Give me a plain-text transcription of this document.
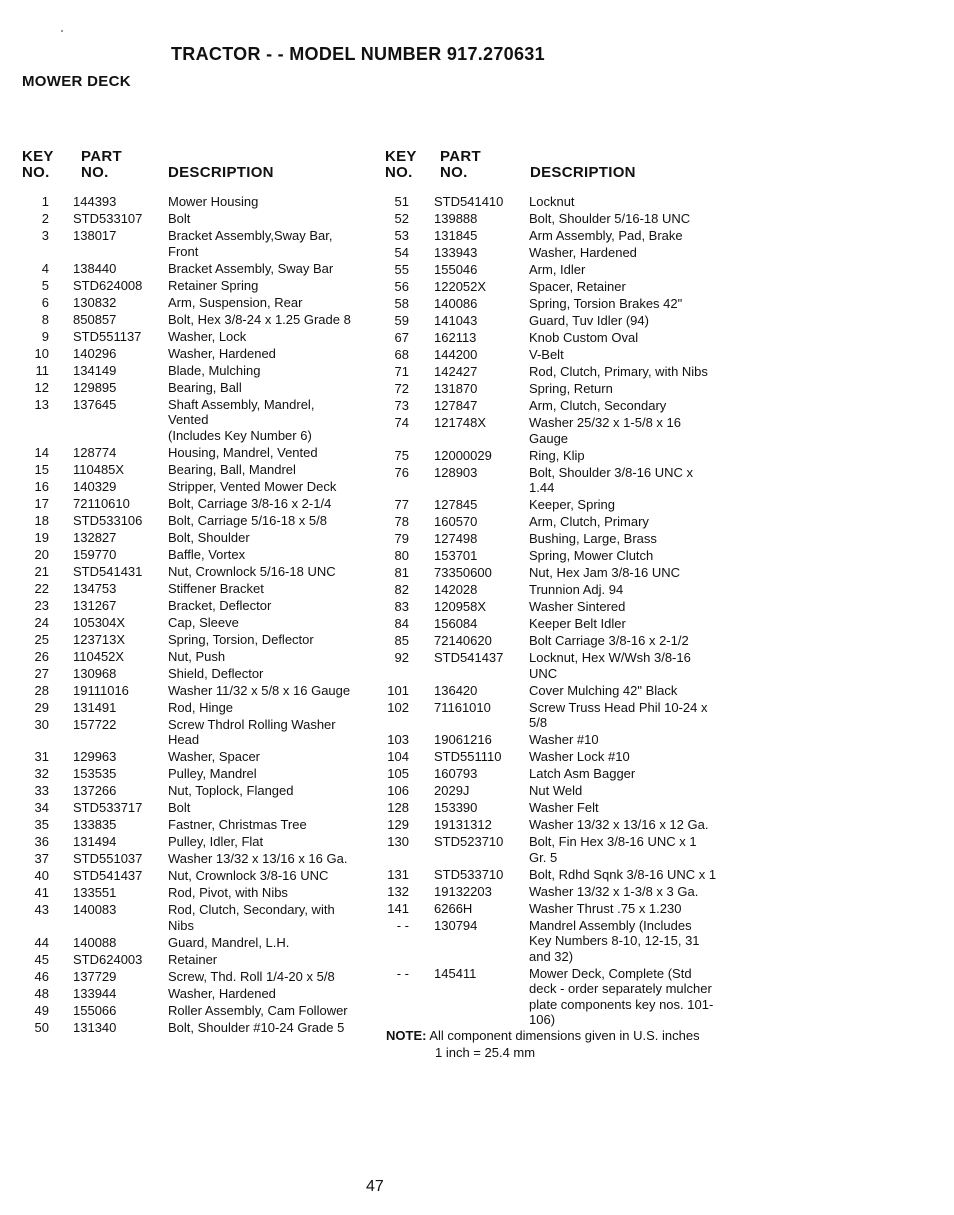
TRACTOR - - MODEL NUMBER 917.270631
MOWER DECK
KEY
NO.
PART
NO.	DESCRIPTION
KEY
NO.
PART
NO.	DESCRIPTION
1 144393	Mower Housing
2 STD533107 Bolt
3 138017	Bracket Assembly,Sway Bar,
Front
4 138440	Bracket Assembly, Sway Bar
5 STD624008 Retainer Spring
6 130832	Arm, Suspension, Rear
8 850857	Bolt, Hex 3/8-24 x 1.25 Grade 8
9 STD551137 Washer, Lock
10 140296	Washer, Hardened
11 134149	Blade, Mulching
12 129895	Bearing, Ball
13 137645	Shaft Assembly, Mandrel,
Vented
(Includes Key Number 6)
14 128774	Housing, Mandrel, Vented
15 110485X	Bearing, Ball, Mandrel
16 140329	Stripper, Vented Mower Deck
17 72110610	Bolt, Carriage 3/8-16 x 2-1/4
18 STD533106 Bolt, Carriage 5/16-18 x 5/8
19 132827	Bolt, Shoulder
20 159770	Baffle, Vortex
21 STD541431 Nut, Crownlock 5/16-18 UNC
22 134753	Stiffener Bracket
23 131267	Bracket, Deflector
24 105304X	Cap, Sleeve
25 123713X	Spring, Torsion, Deflector
26 110452X	Nut, Push
27 130968	Shield, Deflector
28 19111016	Washer 11/32 x 5/8 x 16 Gauge
29 131491	Rod, Hinge
30 157722	Screw Thdrol Rolling Washer
Head
31 129963	Washer, Spacer
32 153535	Pulley, Mandrel
33 137266	Nut, Toplock, Flanged
34 STD533717 Bolt
35 133835	Fastner, Christmas Tree
36 131494	Pulley, Idler, Flat
37 STD551037 Washer 13/32 x 13/16 x 16 Ga.
40 STD541437 Nut, Crownlock 3/8-16 UNC
41 133551	Rod, Pivot, with Nibs
43 140083	Rod, Clutch, Secondary, with
Nibs
44 140088	Guard, Mandrel, L.H.
45 STD624003 Retainer
46 137729	Screw, Thd. Roll 1/4-20 x 5/8
48 133944	Washer, Hardened
49 155066	Roller Assembly, Cam Follower
50 131340	Bolt, Shoulder #10-24 Grade 5
51 STD541410 Locknut
52 139888	Bolt, Shoulder 5/16-18 UNC
53 131845	Arm Assembly, Pad, Brake
54 133943	Washer, Hardened
55 155046	Arm, Idler
56 122052X	Spacer, Retainer
58 140086	Spring, Torsion Brakes 42"
59 141043	Guard, Tuv Idler (94)
67 162113	Knob Custom Oval
68 144200	V-Belt
71 142427	Rod, Clutch, Primary, with Nibs
72 131870	Spring, Return
73 127847	Arm, Clutch, Secondary
74 121748X	Washer 25/32 x 1-5/8 x 16
Gauge
75 12000029	Ring, Klip
76 128903	Bolt, Shoulder 3/8-16 UNC x
1.44
77 127845	Keeper, Spring
78 160570	Arm, Clutch, Primary
79 127498	Bushing, Large, Brass
80 153701	Spring, Mower Clutch
81 73350600	Nut, Hex Jam 3/8-16 UNC
82 142028	Trunnion Adj. 94
83 120958X	Washer Sintered
84 156084	Keeper Belt Idler
85 72140620	Bolt Carriage 3/8-16 x 2-1/2
92 STD541437 Locknut, Hex W/Wsh 3/8-16
UNC
101 136420	Cover Mulching 42" Black
102 71161010	Screw Truss Head Phil 10-24 x
5/8
103 19061216	Washer #10
104 STD551110 Washer Lock #10
105 160793	Latch Asm Bagger
106 2029J	Nut Weld
128 153390	Washer Felt
129 19131312	Washer 13/32 x 13/16 x 12 Ga.
130 STD523710 Bolt, Fin Hex 3/8-16 UNC x 1
Gr. 5
131 STD533710 Bolt, Rdhd Sqnk 3/8-16 UNC x 1
132 19132203	Washer 13/32 x 1-3/8 x 3 Ga.
141 6266H	Washer Thrust .75 x 1.230
- - 130794	Mandrel Assembly (Includes
Key Numbers 8-10, 12-15, 31
and 32)
- - 145411	Mower Deck, Complete (Std
deck - order separately mulcher
plate components key nos. 101-
106)
NOTE: All component dimensions given in U.S. inches
1 inch = 25.4 mm
47
